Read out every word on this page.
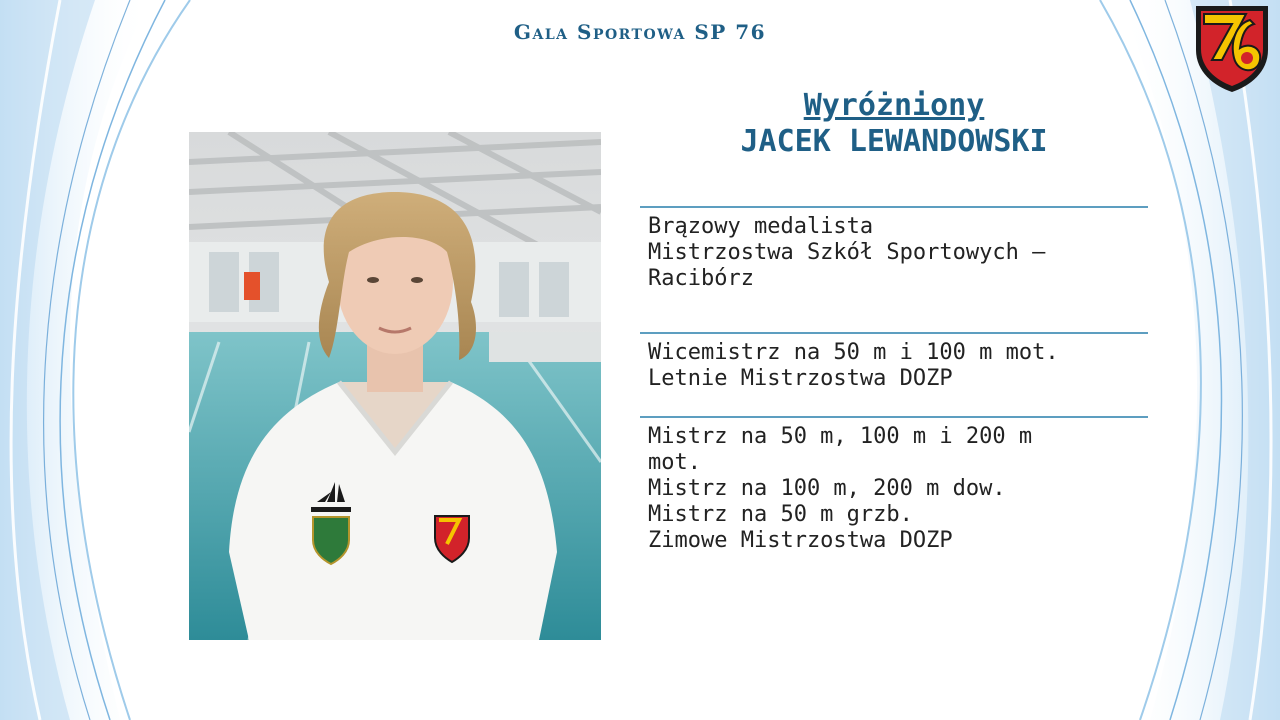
Gala Sportowa SP 76
Wyróżniony
JACEK LEWANDOWSKI

Brązowy medalista
Mistrzostwa Szkół Sportowych –
Racibórz

Wicemistrz na 50 m i 100 m mot.
Letnie Mistrzostwa DOZP

Mistrz na 50 m, 100 m i 200 m
mot.
Mistrz na 100 m, 200 m dow.
Mistrz na 50 m grzb.
Zimowe Mistrzostwa DOZP
